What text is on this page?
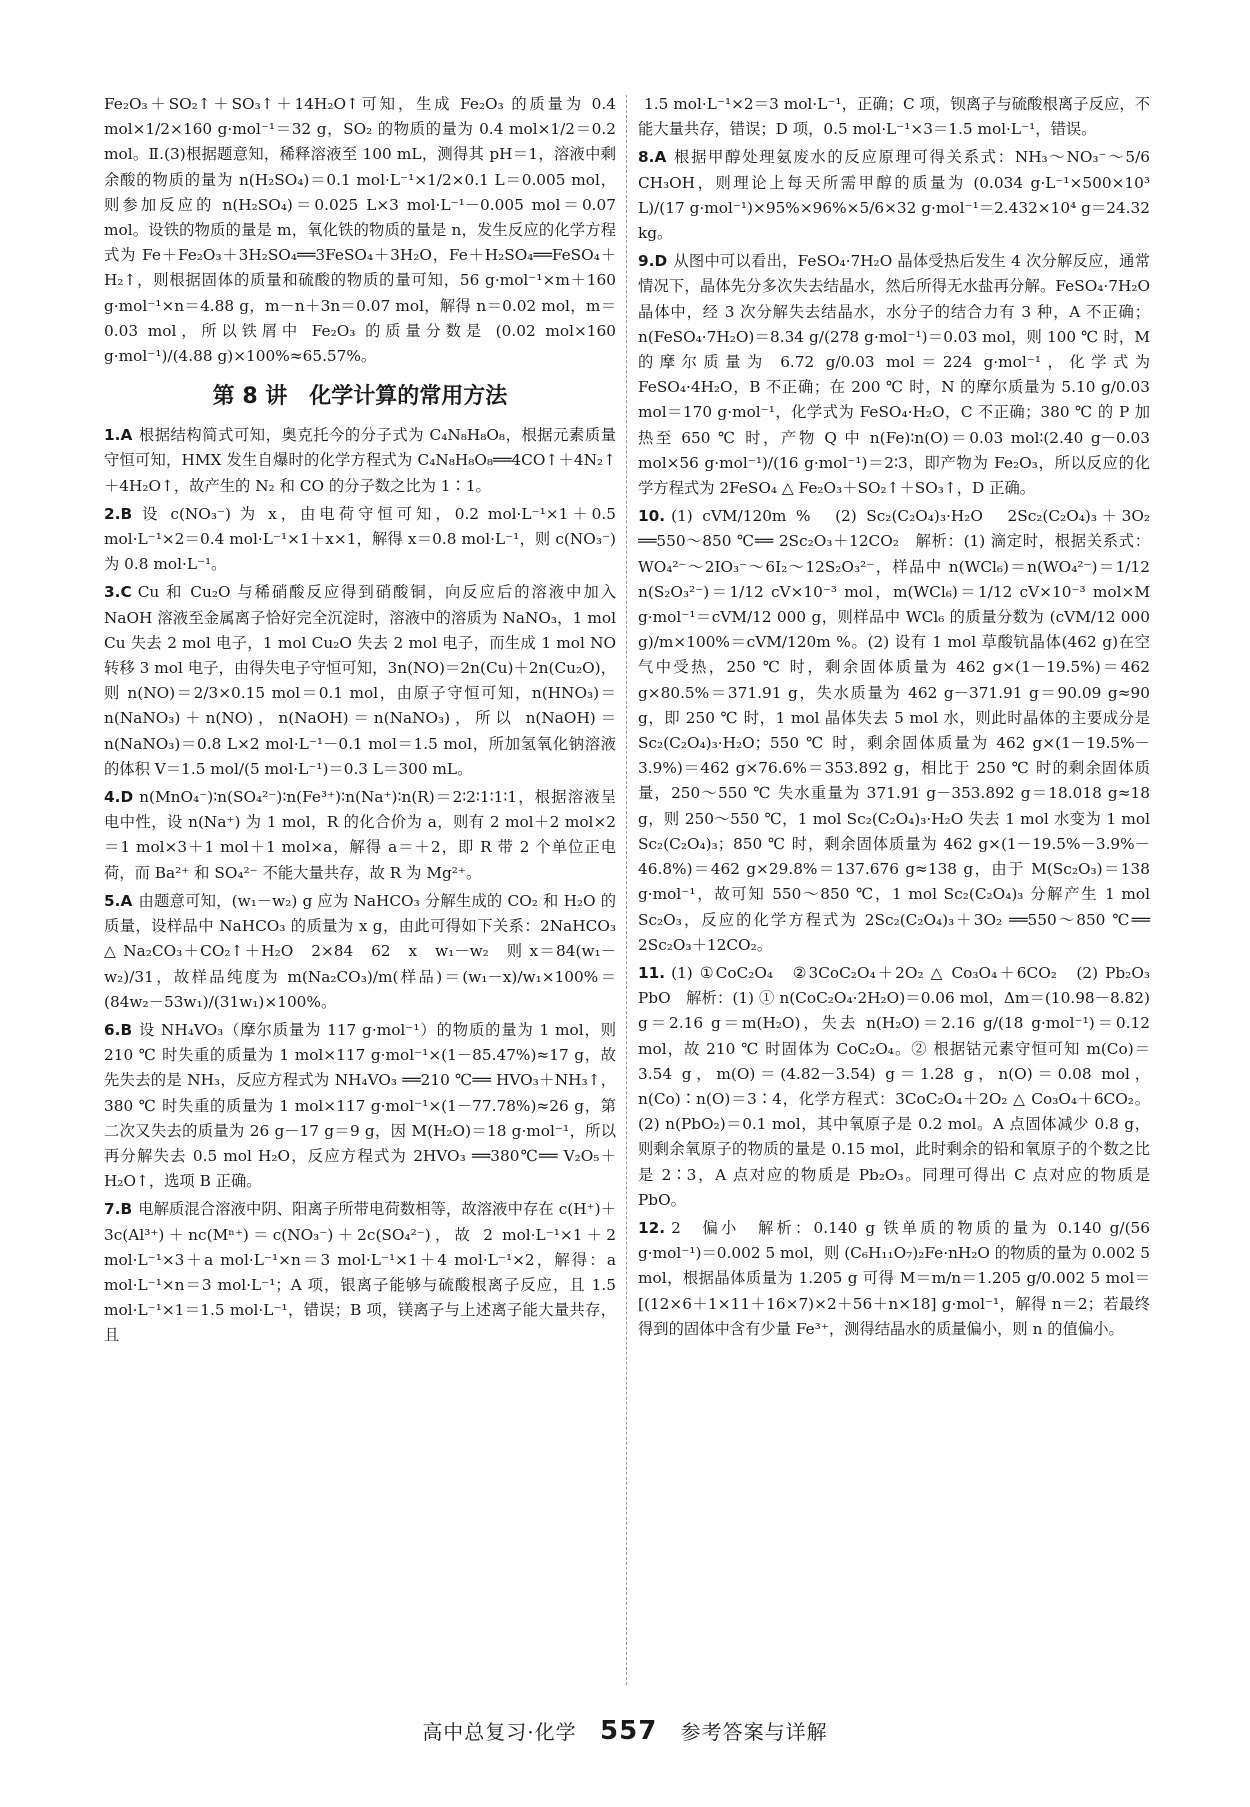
Fe₂O₃＋SO₂↑＋SO₃↑＋14H₂O↑可知，生成 Fe₂O₃ 的质量为 0.4 mol×1/2×160 g·mol⁻¹＝32 g，SO₂ 的物质的量为 0.4 mol×1/2＝0.2 mol。Ⅱ.(3)根据题意知，稀释溶液至 100 mL，测得其 pH＝1，溶液中剩余酸的物质的量为 n(H₂SO₄)＝0.1 mol·L⁻¹×1/2×0.1 L＝0.005 mol，则参加反应的 n(H₂SO₄)＝0.025 L×3 mol·L⁻¹－0.005 mol＝0.07 mol。设铁的物质的量是 m，氧化铁的物质的量是 n，发生反应的化学方程式为 Fe＋Fe₂O₃＋3H₂SO₄══3FeSO₄＋3H₂O，Fe＋H₂SO₄══FeSO₄＋H₂↑，则根据固体的质量和硫酸的物质的量可知，56 g·mol⁻¹×m＋160 g·mol⁻¹×n＝4.88 g，m－n＋3n＝0.07 mol，解得 n＝0.02 mol，m＝0.03 mol，所以铁屑中 Fe₂O₃ 的质量分数是 (0.02 mol×160 g·mol⁻¹)/(4.88 g)×100%≈65.57%。

第 8 讲　化学计算的常用方法
1.A 根据结构简式可知，奥克托今的分子式为 C₄N₈H₈O₈，根据元素质量守恒可知，HMX 发生自爆时的化学方程式为 C₄N₈H₈O₈══4CO↑＋4N₂↑＋4H₂O↑，故产生的 N₂ 和 CO 的分子数之比为 1∶1。
2.B 设 c(NO₃⁻) 为 x，由电荷守恒可知，0.2 mol·L⁻¹×1＋0.5 mol·L⁻¹×2＝0.4 mol·L⁻¹×1＋x×1，解得 x＝0.8 mol·L⁻¹，则 c(NO₃⁻) 为 0.8 mol·L⁻¹。
3.C Cu 和 Cu₂O 与稀硝酸反应得到硝酸铜，向反应后的溶液中加入 NaOH 溶液至金属离子恰好完全沉淀时，溶液中的溶质为 NaNO₃，1 mol Cu 失去 2 mol 电子，1 mol Cu₂O 失去 2 mol 电子，而生成 1 mol NO 转移 3 mol 电子，由得失电子守恒可知，3n(NO)＝2n(Cu)＋2n(Cu₂O)，则 n(NO)＝2/3×0.15 mol＝0.1 mol，由原子守恒可知，n(HNO₃)＝n(NaNO₃)＋n(NO)，n(NaOH)＝n(NaNO₃)，所以 n(NaOH)＝n(NaNO₃)＝0.8 L×2 mol·L⁻¹－0.1 mol＝1.5 mol，所加氢氧化钠溶液的体积 V＝1.5 mol/(5 mol·L⁻¹)＝0.3 L＝300 mL。
4.D n(MnO₄⁻)∶n(SO₄²⁻)∶n(Fe³⁺)∶n(Na⁺)∶n(R)＝2∶2∶1∶1∶1，根据溶液呈电中性，设 n(Na⁺) 为 1 mol，R 的化合价为 a，则有 2 mol＋2 mol×2＝1 mol×3＋1 mol＋1 mol×a，解得 a＝＋2，即 R 带 2 个单位正电荷，而 Ba²⁺ 和 SO₄²⁻ 不能大量共存，故 R 为 Mg²⁺。
5.A 由题意可知，(w₁－w₂) g 应为 NaHCO₃ 分解生成的 CO₂ 和 H₂O 的质量，设样品中 NaHCO₃ 的质量为 x g，由此可得如下关系：2NaHCO₃ △ Na₂CO₃＋CO₂↑＋H₂O　2×84　62　x　w₁－w₂　则 x＝84(w₁－w₂)/31，故样品纯度为 m(Na₂CO₃)/m(样品)＝(w₁－x)/w₁×100%＝(84w₂－53w₁)/(31w₁)×100%。
6.B 设 NH₄VO₃（摩尔质量为 117 g·mol⁻¹）的物质的量为 1 mol，则 210 ℃ 时失重的质量为 1 mol×117 g·mol⁻¹×(1－85.47%)≈17 g，故先失去的是 NH₃，反应方程式为 NH₄VO₃ ══210 ℃══ HVO₃＋NH₃↑，380 ℃ 时失重的质量为 1 mol×117 g·mol⁻¹×(1－77.78%)≈26 g，第二次又失去的质量为 26 g－17 g＝9 g，因 M(H₂O)＝18 g·mol⁻¹，所以再分解失去 0.5 mol H₂O，反应方程式为 2HVO₃ ══380℃══ V₂O₅＋H₂O↑，选项 B 正确。
7.B 电解质混合溶液中阴、阳离子所带电荷数相等，故溶液中存在 c(H⁺)＋3c(Al³⁺)＋nc(Mⁿ⁺)＝c(NO₃⁻)＋2c(SO₄²⁻)，故 2 mol·L⁻¹×1＋2 mol·L⁻¹×3＋a mol·L⁻¹×n＝3 mol·L⁻¹×1＋4 mol·L⁻¹×2，解得：a mol·L⁻¹×n＝3 mol·L⁻¹；A 项，银离子能够与硫酸根离子反应，且 1.5 mol·L⁻¹×1＝1.5 mol·L⁻¹，错误；B 项，镁离子与上述离子能大量共存，且
1.5 mol·L⁻¹×2＝3 mol·L⁻¹，正确；C 项，钡离子与硫酸根离子反应，不能大量共存，错误；D 项，0.5 mol·L⁻¹×3＝1.5 mol·L⁻¹，错误。
8.A 根据甲醇处理氨废水的反应原理可得关系式：NH₃～NO₃⁻～5/6 CH₃OH，则理论上每天所需甲醇的质量为 (0.034 g·L⁻¹×500×10³ L)/(17 g·mol⁻¹)×95%×96%×5/6×32 g·mol⁻¹＝2.432×10⁴ g＝24.32 kg。
9.D 从图中可以看出，FeSO₄·7H₂O 晶体受热后发生 4 次分解反应，通常情况下，晶体先分多次失去结晶水，然后所得无水盐再分解。FeSO₄·7H₂O 晶体中，经 3 次分解失去结晶水，水分子的结合力有 3 种，A 不正确；n(FeSO₄·7H₂O)＝8.34 g/(278 g·mol⁻¹)＝0.03 mol，则 100 ℃ 时，M 的摩尔质量为 6.72 g/0.03 mol＝224 g·mol⁻¹，化学式为 FeSO₄·4H₂O，B 不正确；在 200 ℃ 时，N 的摩尔质量为 5.10 g/0.03 mol＝170 g·mol⁻¹，化学式为 FeSO₄·H₂O，C 不正确；380 ℃ 的 P 加热至 650 ℃ 时，产物 Q 中 n(Fe)∶n(O)＝0.03 mol∶(2.40 g－0.03 mol×56 g·mol⁻¹)/(16 g·mol⁻¹)＝2∶3，即产物为 Fe₂O₃，所以反应的化学方程式为 2FeSO₄ △ Fe₂O₃＋SO₂↑＋SO₃↑，D 正确。
10. (1) cVM/120m %　(2) Sc₂(C₂O₄)₃·H₂O　2Sc₂(C₂O₄)₃＋3O₂ ══550～850 ℃══ 2Sc₂O₃＋12CO₂　解析：(1) 滴定时，根据关系式：WO₄²⁻～2IO₃⁻～6I₂～12S₂O₃²⁻，样品中 n(WCl₆)＝n(WO₄²⁻)＝1/12 n(S₂O₃²⁻)＝1/12 cV×10⁻³ mol，m(WCl₆)＝1/12 cV×10⁻³ mol×M g·mol⁻¹＝cVM/12 000 g，则样品中 WCl₆ 的质量分数为 (cVM/12 000 g)/m×100%＝cVM/120m %。(2) 设有 1 mol 草酸钪晶体(462 g)在空气中受热，250 ℃ 时，剩余固体质量为 462 g×(1－19.5%)＝462 g×80.5%＝371.91 g，失水质量为 462 g－371.91 g＝90.09 g≈90 g，即 250 ℃ 时，1 mol 晶体失去 5 mol 水，则此时晶体的主要成分是 Sc₂(C₂O₄)₃·H₂O；550 ℃ 时，剩余固体质量为 462 g×(1－19.5%－3.9%)＝462 g×76.6%＝353.892 g，相比于 250 ℃ 时的剩余固体质量，250～550 ℃ 失水重量为 371.91 g－353.892 g＝18.018 g≈18 g，则 250～550 ℃，1 mol Sc₂(C₂O₄)₃·H₂O 失去 1 mol 水变为 1 mol Sc₂(C₂O₄)₃；850 ℃ 时，剩余固体质量为 462 g×(1－19.5%－3.9%－46.8%)＝462 g×29.8%＝137.676 g≈138 g，由于 M(Sc₂O₃)＝138 g·mol⁻¹，故可知 550～850 ℃，1 mol Sc₂(C₂O₄)₃ 分解产生 1 mol Sc₂O₃，反应的化学方程式为 2Sc₂(C₂O₄)₃＋3O₂ ══550～850 ℃══ 2Sc₂O₃＋12CO₂。
11. (1) ①CoC₂O₄　②3CoC₂O₄＋2O₂ △ Co₃O₄＋6CO₂　(2) Pb₂O₃　PbO　解析：(1) ① n(CoC₂O₄·2H₂O)＝0.06 mol，Δm＝(10.98－8.82) g＝2.16 g＝m(H₂O)，失去 n(H₂O)＝2.16 g/(18 g·mol⁻¹)＝0.12 mol，故 210 ℃ 时固体为 CoC₂O₄。② 根据钴元素守恒可知 m(Co)＝3.54 g，m(O)＝(4.82－3.54) g＝1.28 g，n(O)＝0.08 mol，n(Co)∶n(O)＝3∶4，化学方程式：3CoC₂O₄＋2O₂ △ Co₃O₄＋6CO₂。(2) n(PbO₂)＝0.1 mol，其中氧原子是 0.2 mol。A 点固体减少 0.8 g，则剩余氧原子的物质的量是 0.15 mol，此时剩余的铅和氧原子的个数之比是 2∶3，A 点对应的物质是 Pb₂O₃。同理可得出 C 点对应的物质是 PbO。
12. 2　偏小　解析：0.140 g 铁单质的物质的量为 0.140 g/(56 g·mol⁻¹)＝0.002 5 mol，则 (C₆H₁₁O₇)₂Fe·nH₂O 的物质的量为 0.002 5 mol，根据晶体质量为 1.205 g 可得 M＝m/n＝1.205 g/0.002 5 mol＝[(12×6＋1×11＋16×7)×2＋56＋n×18] g·mol⁻¹，解得 n＝2；若最终得到的固体中含有少量 Fe³⁺，测得结晶水的质量偏小，则 n 的值偏小。
高中总复习·化学 557 参考答案与详解
